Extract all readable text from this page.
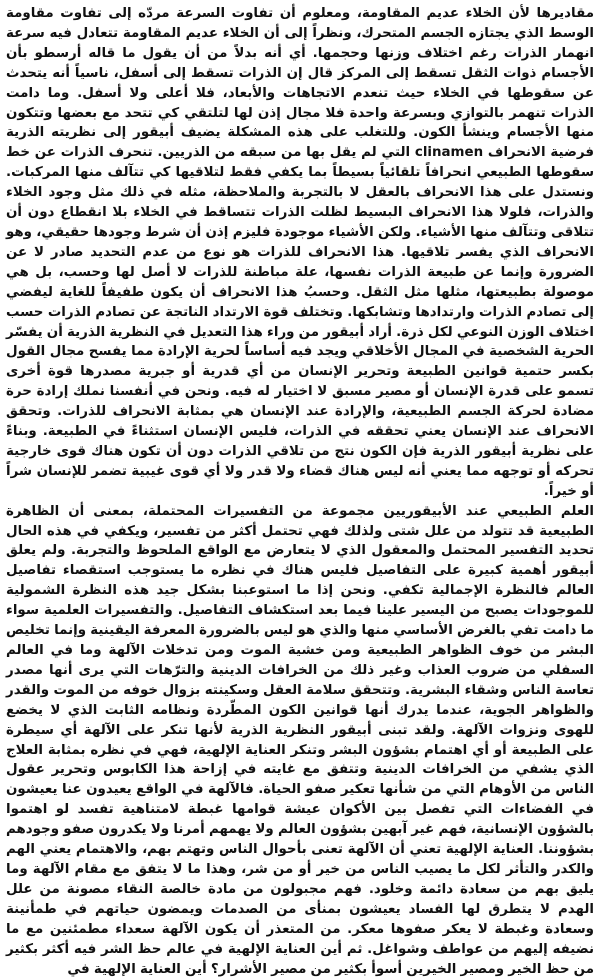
مقاديرها لأن الخلاء عديم المقاومة، ومعلوم أن تفاوت السرعة مردّه إلى تفاوت مقاومة الوسط الذي يجتازه الجسم المتحرك، ونظراً إلى أن الخلاء عديم المقاومة تتعادل فيه سرعة انهمار الذرات رغم اختلاف وزنها وحجمها. أي أنه بدلاً من أن يقول ما قاله أرسطو بأن الأجسام ذوات الثقل تسقط إلى المركز قال إن الذرات تسقط إلى أسفل، ناسياً أنه يتحدث عن سقوطها في الخلاء حيث تنعدم الاتجاهات والأبعاد، فلا أعلى ولا أسفل. وما دامت الذرات تنهمر بالتوازي وبسرعة واحدة فلا مجال إذن لها لتلتقي كي تتحد مع بعضها وتتكون منها الأجسام وينشأ الكون. وللتغلب على هذه المشكلة يضيف أبيقور إلى نظريته الذرية فرضية الانحراف clinamen التي لم يقل بها من سبقه من الذريين. تنحرف الذرات عن خط سقوطها الطبيعي انحرافاً تلقائياً بسيطاً بما يكفي فقط لتلاقيها كي تتآلف منها المركبات. ونستدل على هذا الانحراف بالعقل لا بالتجربة والملاحظة، مثله في ذلك مثل وجود الخلاء والذرات، فلولا هذا الانحراف البسيط لظلت الذرات تتساقط في الخلاء بلا انقطاع دون أن تتلاقى وتتآلف منها الأشياء. ولكن الأشياء موجودة فليزم إذن أن شرط وجودها حقيقي، وهو الانحراف الذي يفسر تلاقيها. هذا الانحراف للذرات هو نوع من عدم التحديد صادر لا عن الضرورة وإنما عن طبيعة الذرات نفسها، علة مباطنة للذرات لا أصل لها وحسب، بل هي موصولة بطبيعتها، مثلها مثل الثقل. وحسبُ هذا الانحراف أن يكون طفيفاً للغاية ليفضي إلى تصادم الذرات وارتدادها وتشابكها. وتختلف قوة الارتداد الناتجة عن تصادم الذرات حسب اختلاف الوزن النوعي لكل ذرة. أراد أبيقور من وراء هذا التعديل في النظرية الذرية أن يفسّر الحرية الشخصية في المجال الأخلاقي ويجد فيه أساساً لحرية الإرادة مما يفسح مجال القول بكسر حتمية قوانين الطبيعة وتحرير الإنسان من أي قدرية أو جبرية مصدرها قوة أخرى تسمو على قدرة الإنسان أو مصير مسبق لا اختيار له فيه. ونحن في أنفسنا نملك إرادة حرة مضادة لحركة الجسم الطبيعية، والإرادة عند الإنسان هي بمثابة الانحراف للذرات. وتحقق الانحراف عند الإنسان يعني تحققه في الذرات، فليس الإنسان استثناءً في الطبيعة. وبناءً على نظرية أبيقور الذرية فإن الكون نتج من تلاقي الذرات دون أن تكون هناك قوى خارجية تحركه أو توجهه مما يعني أنه ليس هناك قضاء ولا قدر ولا أي قوى غيبية تضمر للإنسان شراً أو خيراً.

العلم الطبيعي عند الأبيقوريين مجموعة من التفسيرات المحتملة، بمعنى أن الظاهرة الطبيعية قد تتولد من علل شتى ولذلك فهي تحتمل أكثر من تفسير، ويكفي في هذه الحال تحديد التفسير المحتمل والمعقول الذي لا يتعارض مع الواقع الملحوظ والتجربة. ولم يعلق أبيقور أهمية كبيرة على التفاصيل فليس هناك في نظره ما يستوجب استقصاء تفاصيل العالم فالنظرة الإجمالية تكفي. ونحن إذا ما استوعبنا بشكل جيد هذه النظرة الشمولية للموجودات يصبح من اليسير علينا فيما بعد استكشاف التفاصيل. والتفسيرات العلمية سواء ما دامت تفي بالغرض الأساسي منها والذي هو ليس بالضرورة المعرفة اليقينية وإنما تخليص البشر من خوف الظواهر الطبيعية ومن خشية الموت ومن تدخلات الآلهة وما في العالم السفلي من ضروب العذاب وغير ذلك من الخرافات الدينية والترّهات التي يرى أنها مصدر تعاسة الناس وشقاء البشرية. وتتحقق سلامة العقل وسكينته بزوال خوفه من الموت والقدر والظواهر الجوية، عندما يدرك أنها قوانين الكون المطّردة ونظامه الثابت الذي لا يخضع للهوى ونزوات الآلهة. ولقد تبنى أبيقور النظرية الذرية لأنها تنكر على الآلهة أي سيطرة على الطبيعة أو أي اهتمام بشؤون البشر وتنكر العناية الإلهية، فهي في نظره بمثابة العلاج الذي يشفي من الخرافات الدينية وتتفق مع غايته في إزاحة هذا الكابوس وتحرير عقول الناس من الأوهام التي من شأنها تعكير صفو الحياة. فالآلهة في الواقع يعيدون عنا يعيشون في الفضاءات التي تفصل بين الأكوان عيشة قوامها غبطة لامتناهية تفسد لو اهتموا بالشؤون الإنسانية، فهم غير آبهين بشؤون العالم ولا يهمهم أمرنا ولا يكدرون صفو وجودهم بشؤوننا. العناية الإلهية تعني أن الآلهة تعنى بأحوال الناس وتهتم بهم، والاهتمام يعني الهم والكدر والتأثر لكل ما يصيب الناس من خير أو من شر، وهذا ما لا يتفق مع مقام الآلهة وما يليق بهم من سعادة دائمة وخلود. فهم مجبولون من مادة خالصة النقاء مصونة من علل الهدم لا يتطرق لها الفساد يعيشون بمنأى من الصدمات ويمضون حياتهم في طمأنينة وسعادة وغبطة لا يعكر صفوها معكر. من المتعذر أن يكون الآلهة سعداء مطمئنين مع ما نضيفه إليهم من عواطف وشواغل. ثم أين العناية الإلهية في عالم حظ الشر فيه أكثر بكثير من حظ الخير ومصير الخيرين أسوأ بكثير من مصير الأشرار؟ أين العناية الإلهية في
